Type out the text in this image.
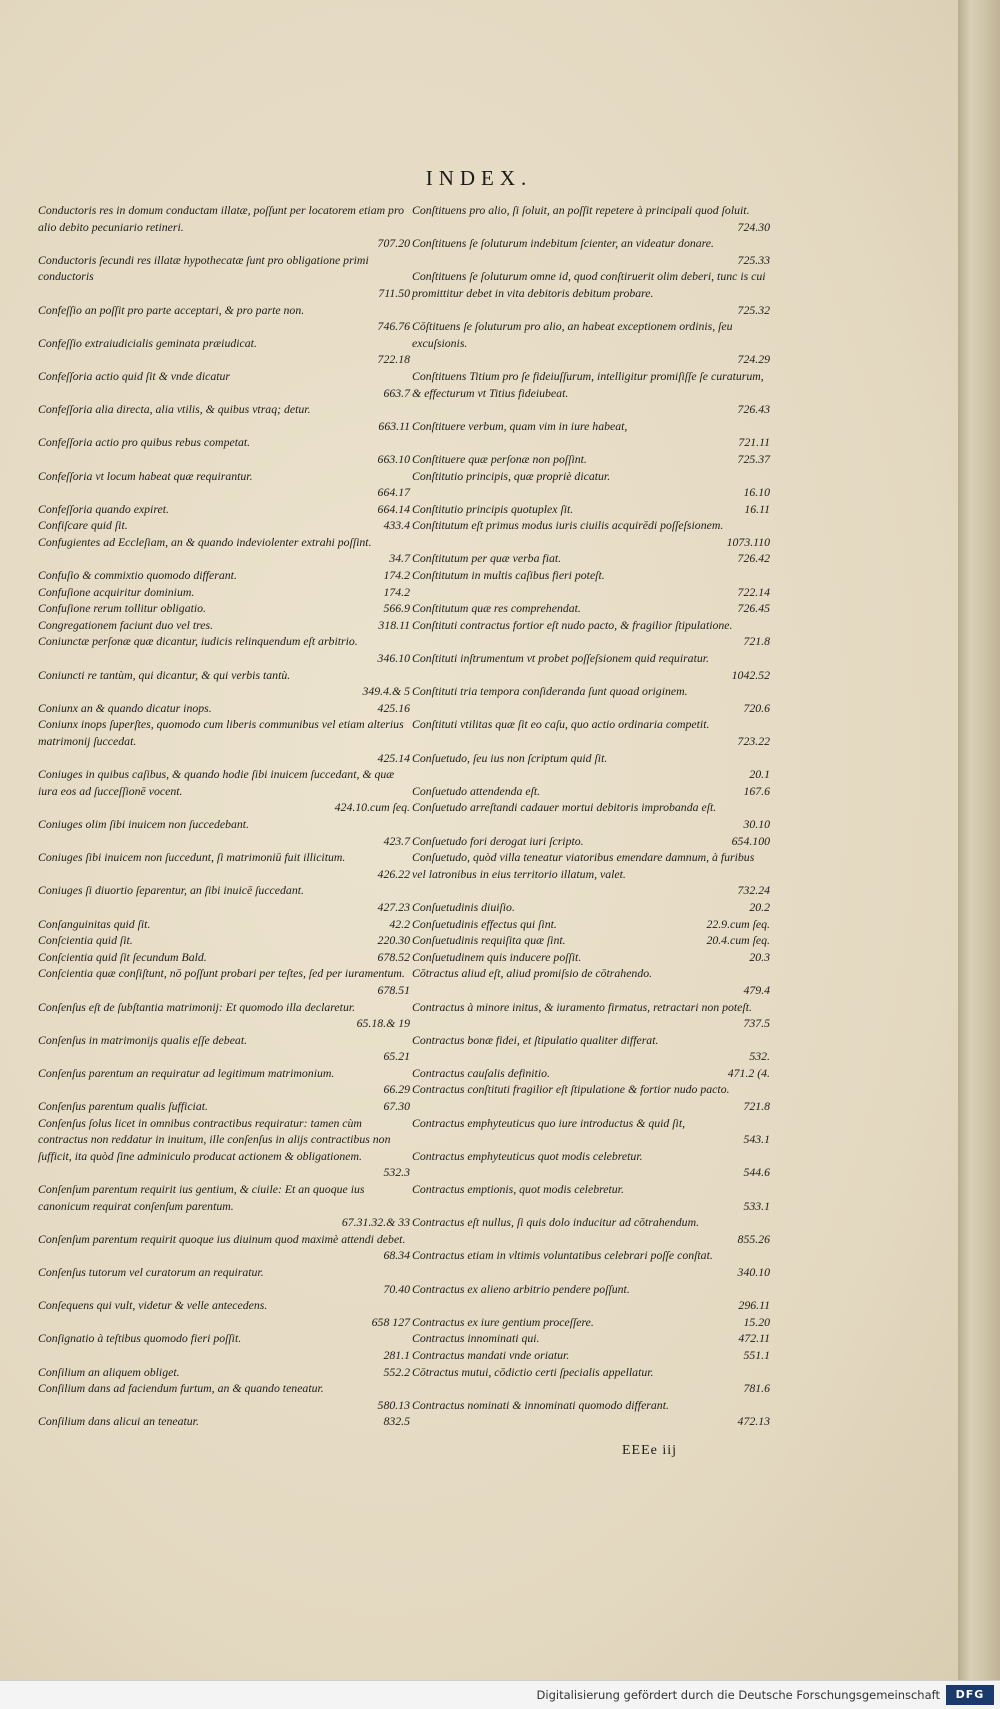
INDEX.
Conductoris res in domum conductam illatæ, poſſunt per locatorem etiam pro alio debito pecuniario retineri.
707.20
Conductoris ſecundi res illatæ hypothecatæ ſunt pro obligatione primi conductoris
711.50
Confeſſio an poſſit pro parte acceptari, & pro parte non.
746.76
Confeſſio extraiudicialis geminata præiudicat.
722.18
Confeſſoria actio quid ſit & vnde dicatur
663.7
Confeſſoria alia directa, alia vtilis, & quibus vtraq; detur.
663.11
Confeſſoria actio pro quibus rebus competat.
663.10
Confeſſoria vt locum habeat quæ requirantur.
664.17
Confeſſoria quando expiret.	664.14
Confiſcare quid ſit.	433.4
Confugientes ad Eccleſiam, an & quando indeviolenter extrahi poſſint.
34.7
Confuſio & commixtio quomodo differant.	174.2
Confuſione acquiritur dominium.	174.2
Confuſione rerum tollitur obligatio.	566.9
Congregationem faciunt duo vel tres.	318.11
Coniunctæ perſonæ quæ dicantur, iudicis relinquendum eſt arbitrio.
346.10
Coniuncti re tantùm, qui dicantur, & qui verbis tantù.
349.4.& 5
Coniunx an & quando dicatur inops.	425.16
Coniunx inops ſuperſtes, quomodo cum liberis communibus vel etiam alterius matrimonij ſuccedat.
425.14
Coniuges in quibus caſibus, & quando hodie ſibi inuicem ſuccedant, & quæ iura eos ad ſucceſſionē vocent.
424.10.cum ſeq.
Coniuges olim ſibi inuicem non ſuccedebant.
423.7
Coniuges ſibi inuicem non ſuccedunt, ſi matrimoniū fuit illicitum.
426.22
Coniuges ſi diuortio ſeparentur, an ſibi inuicē ſuccedant.
427.23
Conſanguinitas quid ſit.	42.2
Conſcientia quid ſit.	220.30
Conſcientia quid ſit ſecundum Bald.	678.52
Conſcientia quæ conſiſtunt, nō poſſunt probari per teſtes, ſed per iuramentum.
678.51
Conſenſus eſt de ſubſtantia matrimonij: Et quomodo illa declaretur.
65.18.& 19
Conſenſus in matrimonijs qualis eſſe debeat.
65.21
Conſenſus parentum an requiratur ad legitimum matrimonium.
66.29
Conſenſus parentum qualis ſufficiat.	67.30
Conſenſus ſolus licet in omnibus contractibus requiratur: tamen cùm contractus non reddatur in inuitum, ille conſenſus in alijs contractibus non ſufficit, ita quòd ſine adminiculo producat actionem & obligationem.
532.3
Conſenſum parentum requirit ius gentium, & ciuile: Et an quoque ius canonicum requirat conſenſum parentum.
67.31.32.& 33
Conſenſum parentum requirit quoque ius diuinum quod maximè attendi debet.
68.34
Conſenſus tutorum vel curatorum an requiratur.
70.40
Conſequens qui vult, videtur & velle antecedens.
658 127
Conſignatio à teſtibus quomodo fieri poſſit.
281.1
Conſilium an aliquem obliget.	552.2
Conſilium dans ad faciendum furtum, an & quando teneatur.
580.13
Conſilium dans alicui an teneatur.	832.5
Conſtituens pro alio, ſi ſoluit, an poſſit repetere à principali quod ſoluit.
724.30
Conſtituens ſe ſoluturum indebitum ſcienter, an videatur donare.
725.33
Conſtituens ſe ſoluturum omne id, quod conſtiruerit olim deberi, tunc is cui promittitur debet in vita debitoris debitum probare.
725.32
Cōſtituens ſe ſoluturum pro alio, an habeat exceptionem ordinis, ſeu excuſsionis.
724.29
Conſtituens Titium pro ſe fideiuſſurum, intelligitur promiſiſſe ſe curaturum, & effecturum vt Titius fideiubeat.
726.43
Conſtituere verbum, quam vim in iure habeat,
721.11
Conſtituere quæ perſonæ non poſſint.	725.37
Conſtitutio principis, quæ propriè dicatur.
16.10
Conſtitutio principis quotuplex ſit.	16.11
Conſtitutum eſt primus modus iuris ciuilis acquirēdi poſſeſsionem.
1073.110
Conſtitutum per quæ verba fiat.	726.42
Conſtitutum in multis caſibus fieri poteſt.
722.14
Conſtitutum quæ res comprehendat.	726.45
Conſtituti contractus fortior eſt nudo pacto, & fragilior ſtipulatione.
721.8
Conſtituti inſtrumentum vt probet poſſeſsionem quid requiratur.
1042.52
Conſtituti tria tempora conſideranda ſunt quoad originem.
720.6
Conſtituti vtilitas quæ ſit eo caſu, quo actio ordinaria competit.
723.22
Conſuetudo, ſeu ius non ſcriptum quid ſit.
20.1
Conſuetudo attendenda eſt.	167.6
Conſuetudo arreſtandi cadauer mortui debitoris improbanda eſt.
30.10
Conſuetudo fori derogat iuri ſcripto.	654.100
Conſuetudo, quòd villa teneatur viatoribus emendare damnum, à furibus vel latronibus in eius territorio illatum, valet.
732.24
Conſuetudinis diuiſio.	20.2
Conſuetudinis effectus qui ſint.	22.9.cum ſeq.
Conſuetudinis requiſita quæ ſint.	20.4.cum ſeq.
Conſuetudinem quis inducere poſſit.	20.3
Cōtractus aliud eſt, aliud promiſsio de cōtrahendo.
479.4
Contractus à minore initus, & iuramento firmatus, retractari non poteſt.
737.5
Contractus bonæ fidei, et ſtipulatio qualiter differat.
532.
Contractus cauſalis definitio.	471.2 (4.
Contractus conſtituti fragilior eſt ſtipulatione & fortior nudo pacto.
721.8
Contractus emphyteuticus quo iure introductus & quid ſit,
543.1
Contractus emphyteuticus quot modis celebretur.
544.6
Contractus emptionis, quot modis celebretur.
533.1
Contractus eſt nullus, ſi quis dolo inducitur ad cōtrahendum.
855.26
Contractus etiam in vltimis voluntatibus celebrari poſſe conſtat.
340.10
Contractus ex alieno arbitrio pendere poſſunt.
296.11
Contractus ex iure gentium proceſſere.	15.20
Contractus innominati qui.	472.11
Contractus mandati vnde oriatur.	551.1
Cōtractus mutui, cōdictio certi ſpecialis appellatur.
781.6
Contractus nominati & innominati quomodo differant.
472.13
EEEe iij
Digitalisierung gefördert durch die Deutsche Forschungsgemeinschaft	DFG
